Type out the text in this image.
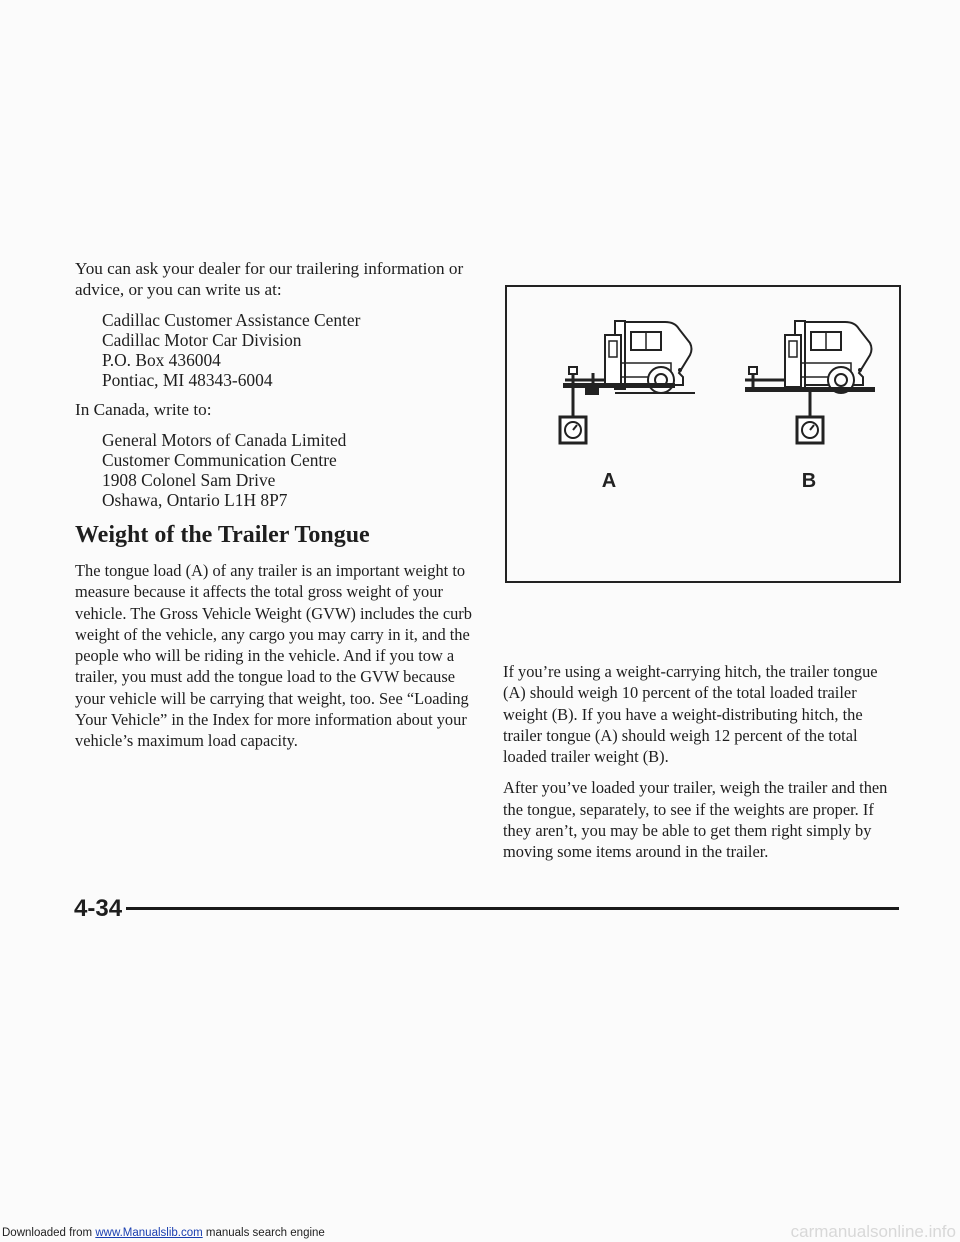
You can ask your dealer for our trailering information or advice, or you can write us at:

Cadillac Customer Assistance Center
Cadillac Motor Car Division
P.O. Box 436004
Pontiac, MI 48343-6004

In Canada, write to:

General Motors of Canada Limited
Customer Communication Centre
1908 Colonel Sam Drive
Oshawa, Ontario L1H 8P7
Weight of the Trailer Tongue

The tongue load (A) of any trailer is an important weight to measure because it affects the total gross weight of your vehicle. The Gross Vehicle Weight (GVW) includes the curb weight of the vehicle, any cargo you may carry in it, and the people who will be riding in the vehicle. And if you tow a trailer, you must add the tongue load to the GVW because your vehicle will be carrying that weight, too. See “Loading Your Vehicle” in the Index for more information about your vehicle’s maximum load capacity.

A	B

If you’re using a weight-carrying hitch, the trailer tongue (A) should weigh 10 percent of the total loaded trailer weight (B). If you have a weight-distributing hitch, the trailer tongue (A) should weigh 12 percent of the total loaded trailer weight (B).

After you’ve loaded your trailer, weigh the trailer and then the tongue, separately, to see if the weights are proper. If they aren’t, you may be able to get them right simply by moving some items around in the trailer.

4-34
Downloaded from www.Manualslib.com manuals search engine	carmanualsonline.info
